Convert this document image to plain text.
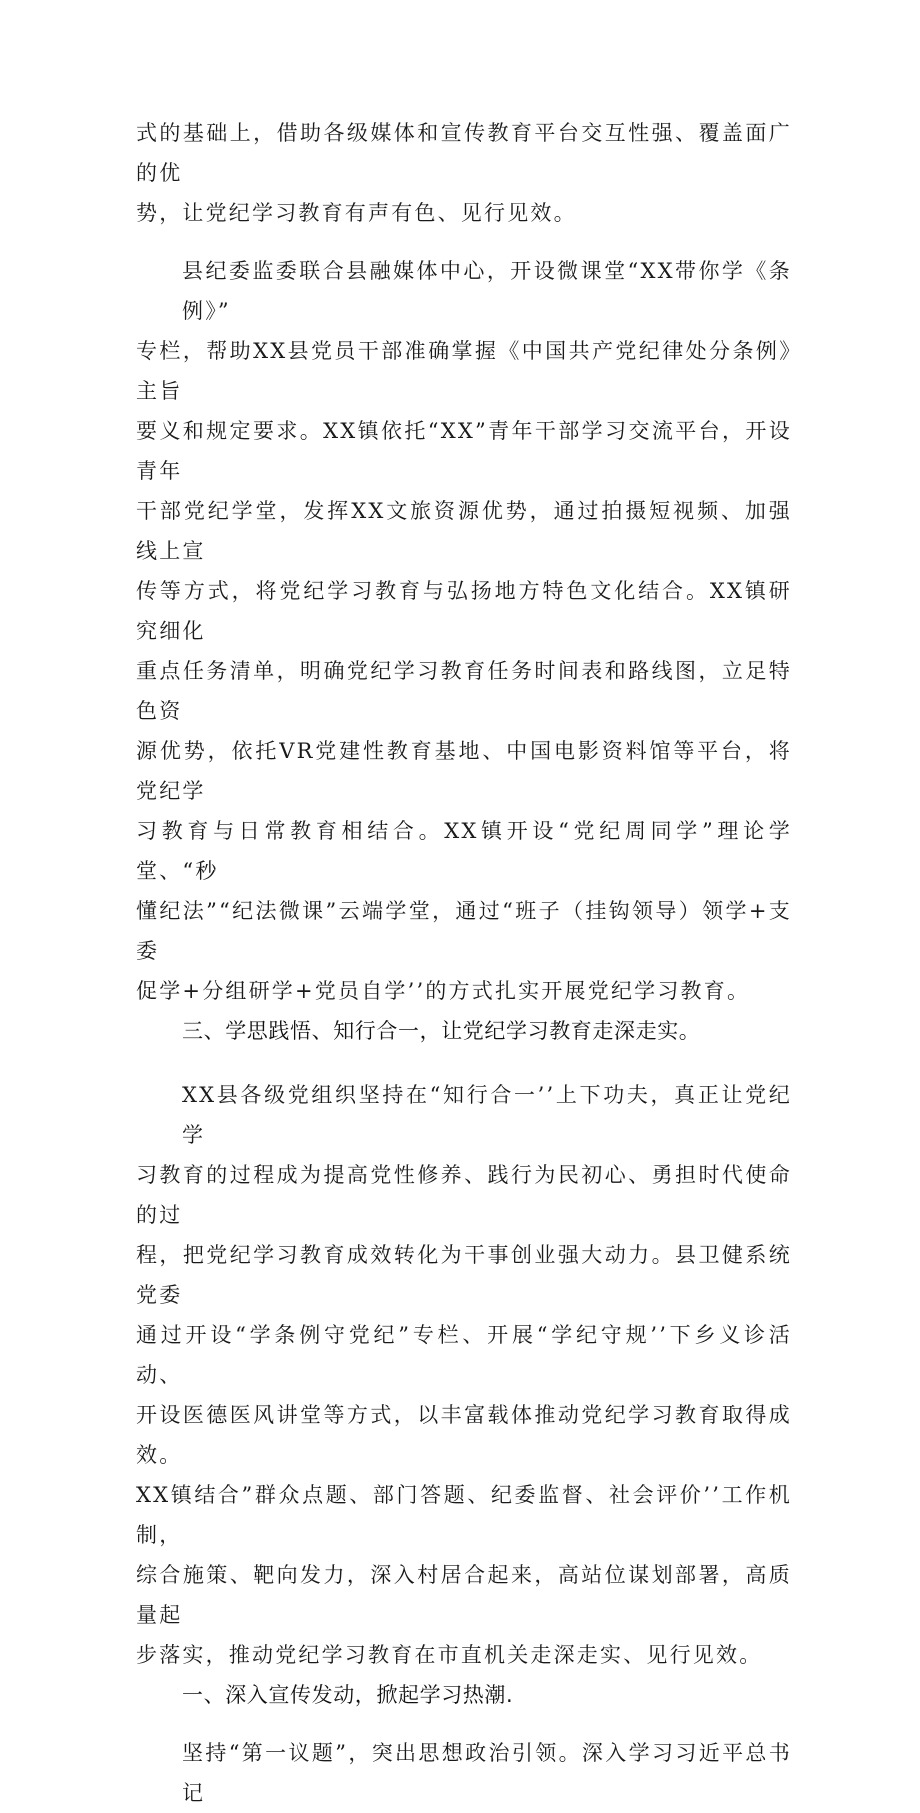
式的基础上，借助各级媒体和宣传教育平台交互性强、覆盖面广的优
势，让党纪学习教育有声有色、见行见效。

县纪委监委联合县融媒体中心，开设微课堂“XX带你学《条例》”
专栏，帮助XX县党员干部准确掌握《中国共产党纪律处分条例》主旨
要义和规定要求。XX镇依托“XX”青年干部学习交流平台，开设青年
干部党纪学堂，发挥XX文旅资源优势，通过拍摄短视频、加强线上宣
传等方式，将党纪学习教育与弘扬地方特色文化结合。XX镇研究细化
重点任务清单，明确党纪学习教育任务时间表和路线图，立足特色资
源优势，依托VR党建性教育基地、中国电影资料馆等平台，将党纪学
习教育与日常教育相结合。XX镇开设“党纪周同学”理论学堂、“秒
懂纪法”“纪法微课”云端学堂，通过“班子（挂钩领导）领学+支委
促学+分组研学+党员自学’’的方式扎实开展党纪学习教育。

三、学思践悟、知行合一，让党纪学习教育走深走实。

XX县各级党组织坚持在“知行合一’’上下功夫，真正让党纪学
习教育的过程成为提高党性修养、践行为民初心、勇担时代使命的过
程，把党纪学习教育成效转化为干事创业强大动力。县卫健系统党委
通过开设“学条例守党纪”专栏、开展“学纪守规’’下乡义诊活动、
开设医德医风讲堂等方式，以丰富载体推动党纪学习教育取得成效。
XX镇结合”群众点题、部门答题、纪委监督、社会评价’’工作机制，
综合施策、靶向发力，深入村居合起来，高站位谋划部署，高质量起
步落实，推动党纪学习教育在市直机关走深走实、见行见效。

一、深入宣传发动，掀起学习热潮.

坚持“第一议题”，突出思想政治引领。深入学习习近平总书记
